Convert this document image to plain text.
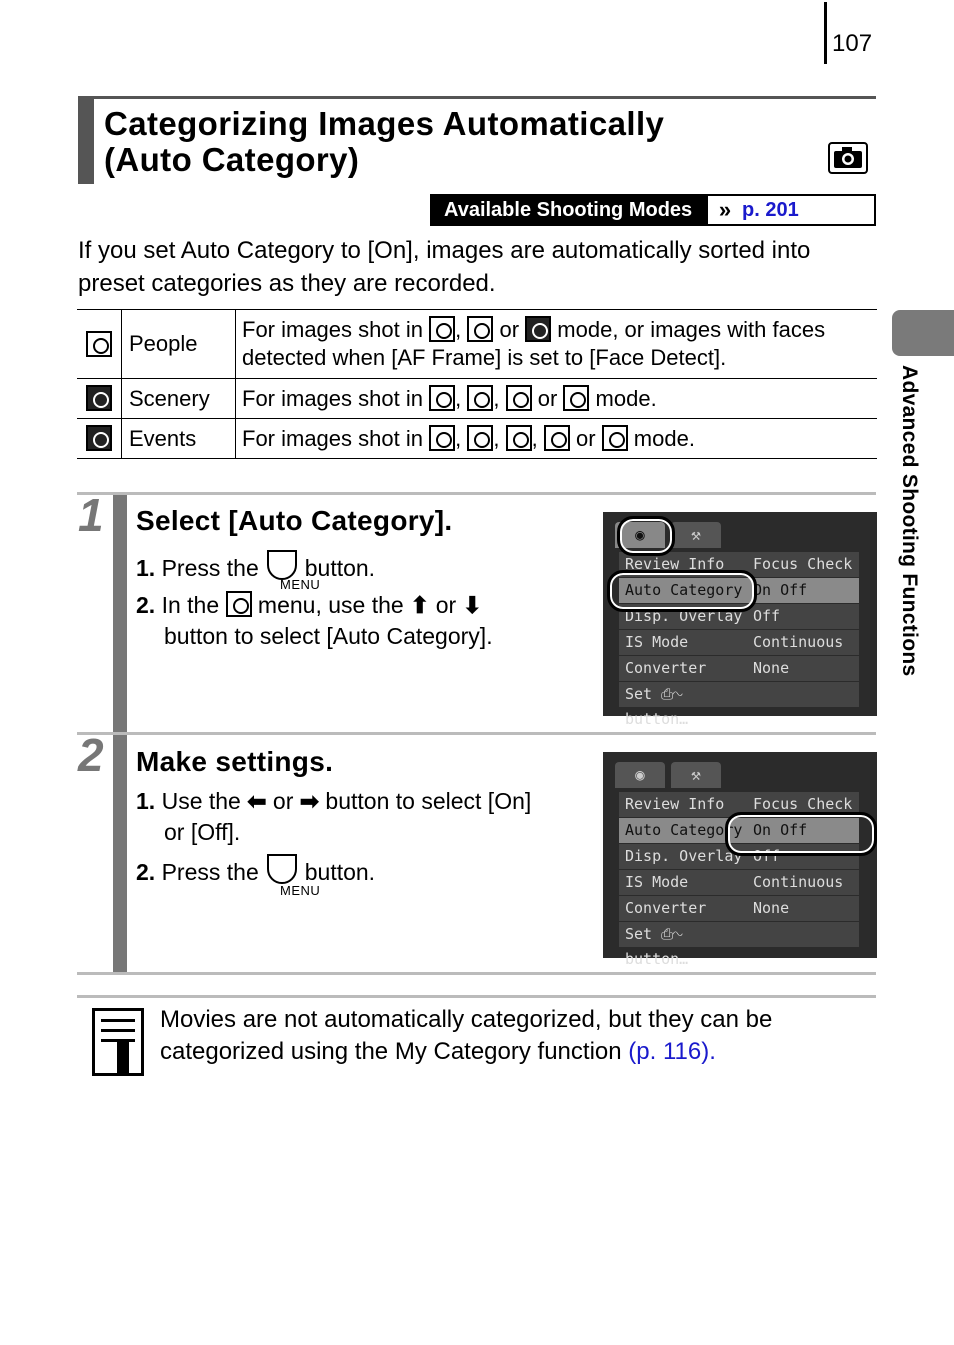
107
Advanced Shooting Functions
Categorizing Images Automatically
(Auto Category)
Available Shooting Modes	» p. 201
If you set Auto Category to [On], images are automatically sorted into preset categories as they are recorded.
	People	For images shot in , or mode, or images with faces detected when [AF Frame] is set to [Face Detect].
	Scenery	For images shot in , , or mode.
	Events	For images shot in , , , or mode.
1 Select [Auto Category].
1. Press the button.
MENU
2. In the menu, use the ⬆ or ⬇
button to select [Auto Category].
◉	⚒
Review Info	Focus Check
Auto Category On Off
Disp. Overlay Off
IS Mode	Continuous
Converter	None
Set ⎙∿ button…
2 Make settings.
1. Use the ⬅ or ➡ button to select [On]
or [Off].
2. Press the button.
MENU
◉	⚒
Review Info	Focus Check
Auto Category On Off
Disp. Overlay Off
IS Mode	Continuous
Converter	None
Set ⎙∿ button…
Movies are not automatically categorized, but they can be categorized using the My Category function (p. 116).
